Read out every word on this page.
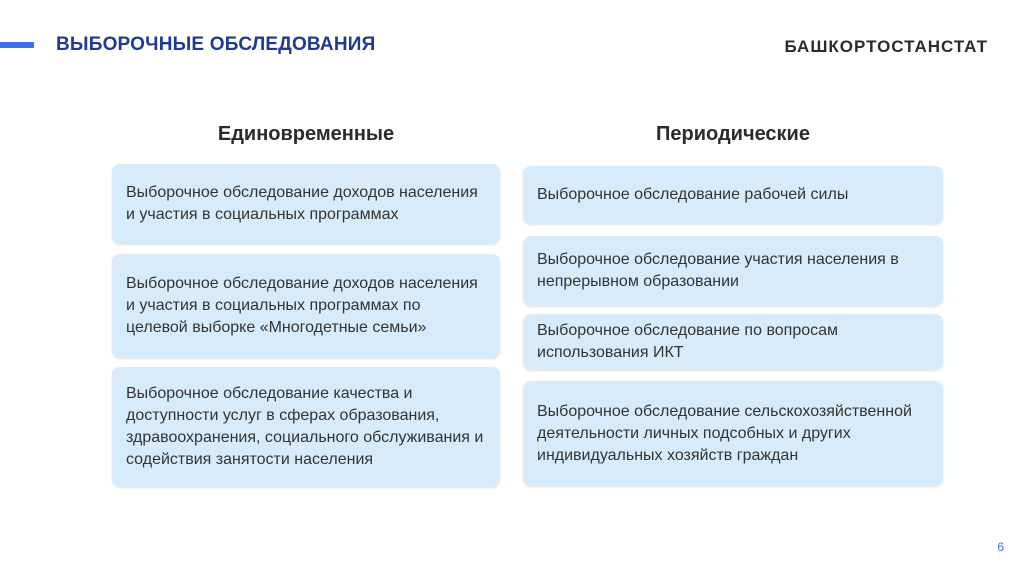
ВЫБОРОЧНЫЕ ОБСЛЕДОВАНИЯ	БАШКОРТОСТАНСТАТ
Единовременные	Периодические
Выборочное обследование доходов населения и участия в социальных программах
Выборочное обследование доходов населения и участия в социальных программах по целевой выборке «Многодетные семьи»
Выборочное обследование качества и доступности услуг в сферах образования, здравоохранения, социального обслуживания и содействия занятости населения
Выборочное обследование рабочей силы
Выборочное обследование участия населения в непрерывном образовании
Выборочное обследование по вопросам использования ИКТ
Выборочное обследование сельскохозяйственной деятельности личных подсобных и других индивидуальных хозяйств граждан
6
